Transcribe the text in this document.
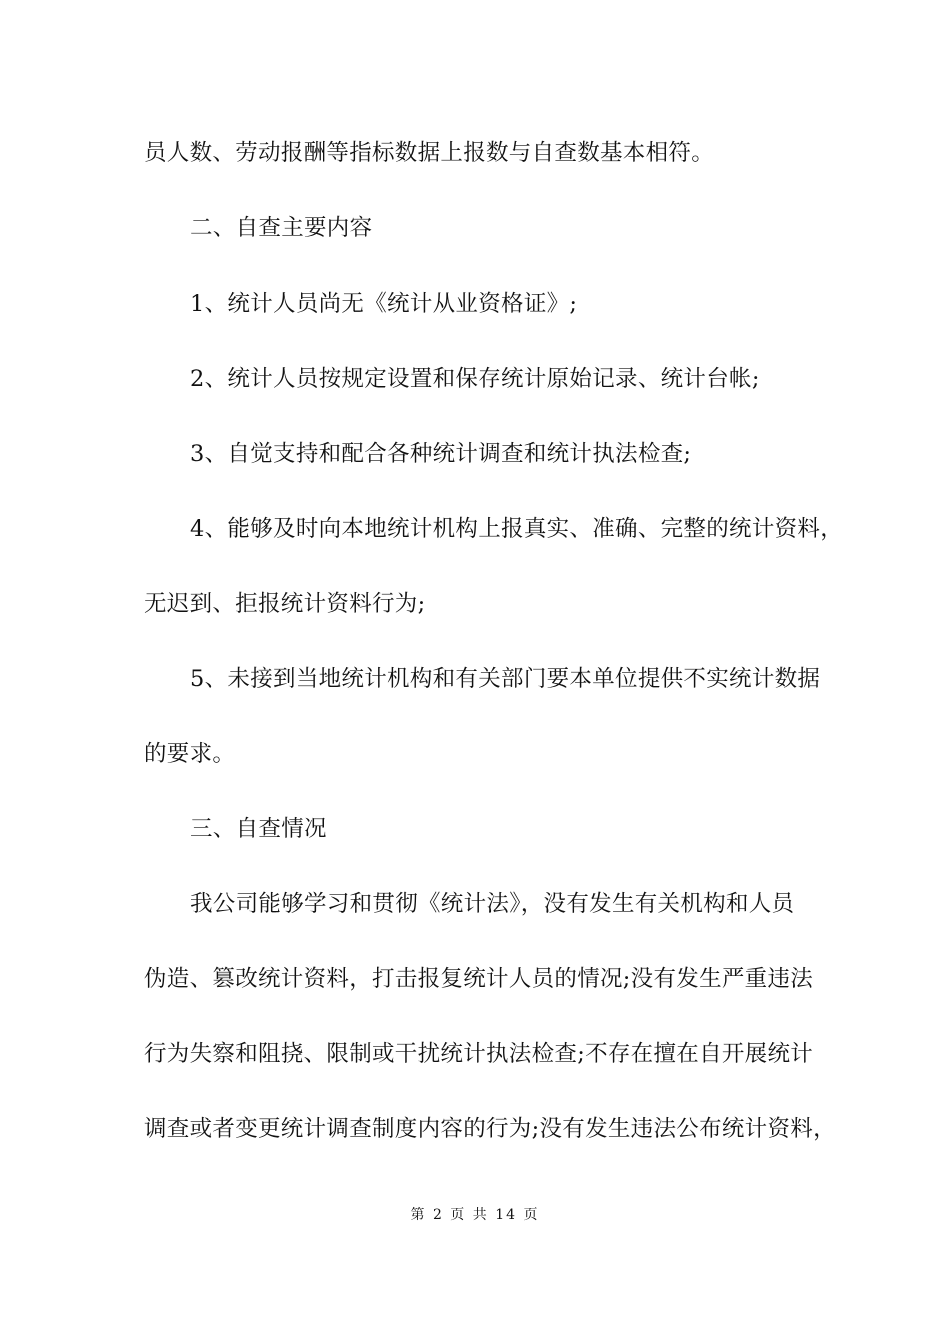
员人数、劳动报酬等指标数据上报数与自查数基本相符。
二、自查主要内容
1、统计人员尚无《统计从业资格证》;
2、统计人员按规定设置和保存统计原始记录、统计台帐;
3、自觉支持和配合各种统计调查和统计执法检查;
4、能够及时向本地统计机构上报真实、准确、完整的统计资料，
无迟到、拒报统计资料行为;
5、未接到当地统计机构和有关部门要本单位提供不实统计数据
的要求。
三、自查情况
我公司能够学习和贯彻《统计法》，没有发生有关机构和人员
伪造、篡改统计资料，打击报复统计人员的情况;没有发生严重违法
行为失察和阻挠、限制或干扰统计执法检查;不存在擅在自开展统计
调查或者变更统计调查制度内容的行为;没有发生违法公布统计资料，
第 2 页 共 14 页
